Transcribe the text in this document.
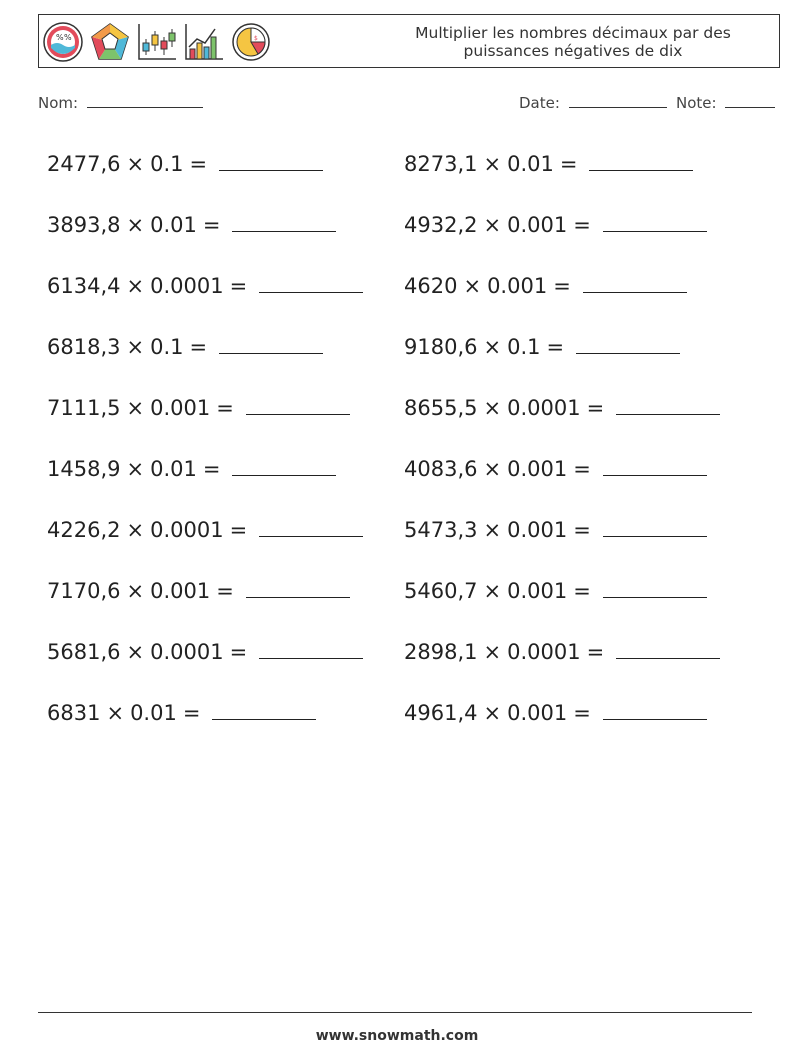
% %	$	Multiplier les nombres décimaux par des
puissances négatives de dix
Nom:	Date:	Note:
2477,6 × 0.1 =
3893,8 × 0.01 =
6134,4 × 0.0001 =
6818,3 × 0.1 =
7111,5 × 0.001 =
1458,9 × 0.01 =
4226,2 × 0.0001 =
7170,6 × 0.001 =
5681,6 × 0.0001 =
6831 × 0.01 =
8273,1 × 0.01 =
4932,2 × 0.001 =
4620 × 0.001 =
9180,6 × 0.1 =
8655,5 × 0.0001 =
4083,6 × 0.001 =
5473,3 × 0.001 =
5460,7 × 0.001 =
2898,1 × 0.0001 =
4961,4 × 0.001 =
www.snowmath.com
